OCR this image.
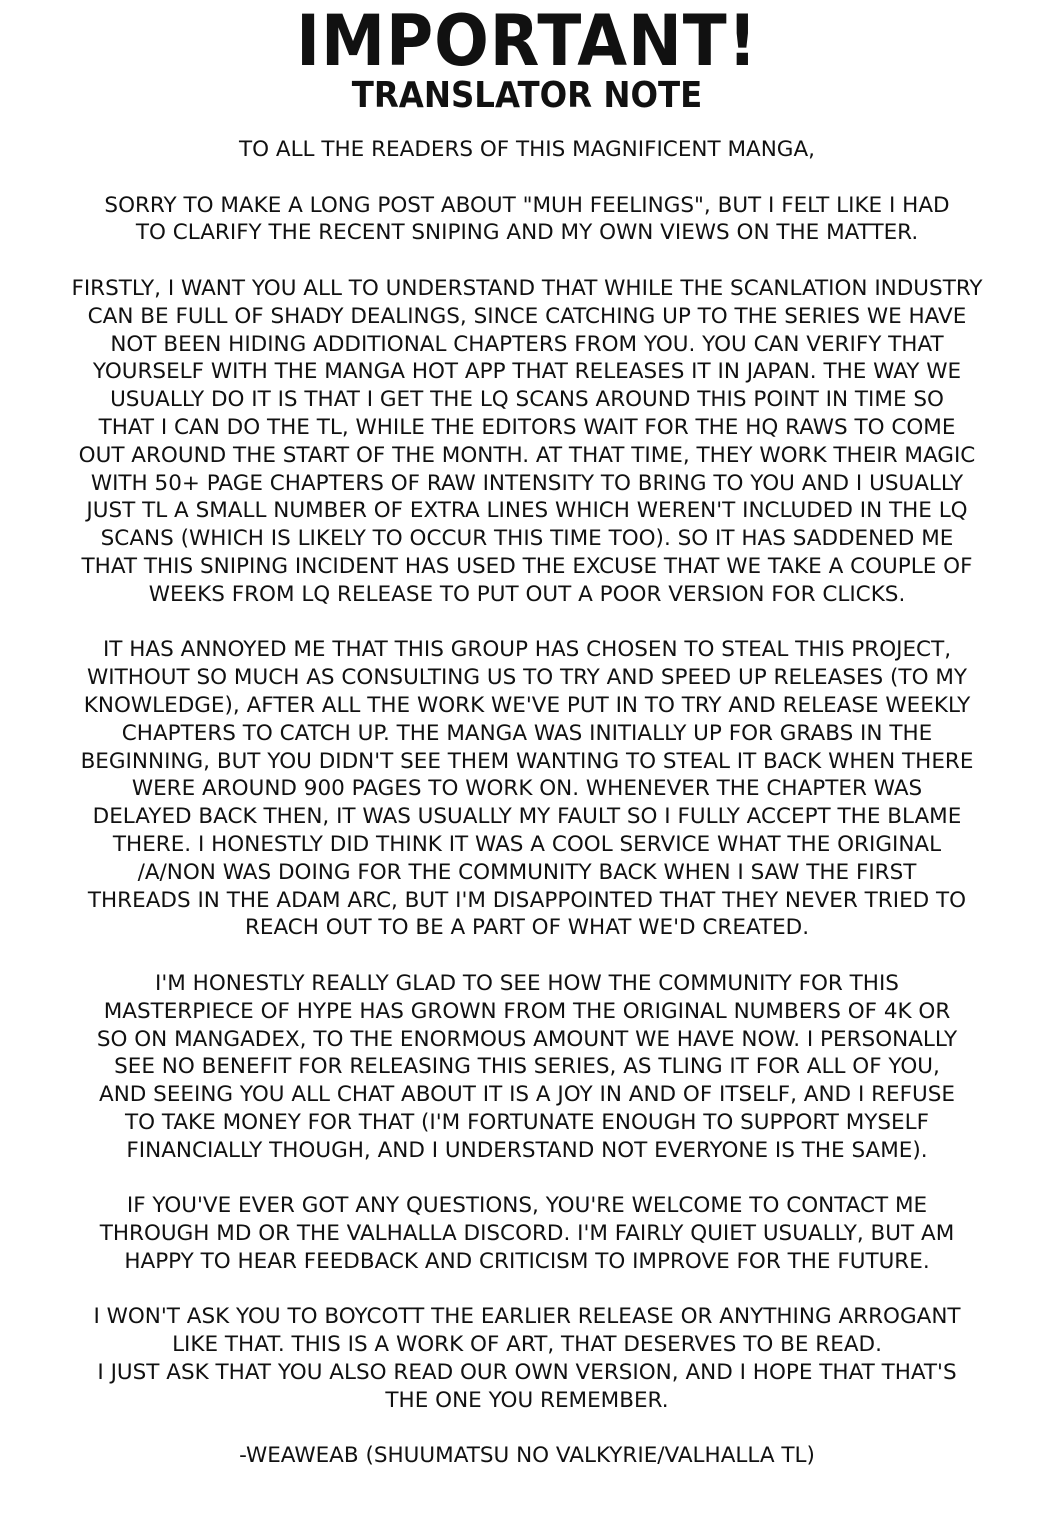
IMPORTANT!
TRANSLATOR NOTE

TO ALL THE READERS OF THIS MAGNIFICENT MANGA,

SORRY TO MAKE A LONG POST ABOUT "MUH FEELINGS", BUT I FELT LIKE I HAD
TO CLARIFY THE RECENT SNIPING AND MY OWN VIEWS ON THE MATTER.

FIRSTLY, I WANT YOU ALL TO UNDERSTAND THAT WHILE THE SCANLATION INDUSTRY
CAN BE FULL OF SHADY DEALINGS, SINCE CATCHING UP TO THE SERIES WE HAVE
NOT BEEN HIDING ADDITIONAL CHAPTERS FROM YOU. YOU CAN VERIFY THAT
YOURSELF WITH THE MANGA HOT APP THAT RELEASES IT IN JAPAN. THE WAY WE
USUALLY DO IT IS THAT I GET THE LQ SCANS AROUND THIS POINT IN TIME SO
THAT I CAN DO THE TL, WHILE THE EDITORS WAIT FOR THE HQ RAWS TO COME
OUT AROUND THE START OF THE MONTH. AT THAT TIME, THEY WORK THEIR MAGIC
WITH 50+ PAGE CHAPTERS OF RAW INTENSITY TO BRING TO YOU AND I USUALLY
JUST TL A SMALL NUMBER OF EXTRA LINES WHICH WEREN'T INCLUDED IN THE LQ
SCANS (WHICH IS LIKELY TO OCCUR THIS TIME TOO). SO IT HAS SADDENED ME
THAT THIS SNIPING INCIDENT HAS USED THE EXCUSE THAT WE TAKE A COUPLE OF
WEEKS FROM LQ RELEASE TO PUT OUT A POOR VERSION FOR CLICKS.

IT HAS ANNOYED ME THAT THIS GROUP HAS CHOSEN TO STEAL THIS PROJECT,
WITHOUT SO MUCH AS CONSULTING US TO TRY AND SPEED UP RELEASES (TO MY
KNOWLEDGE), AFTER ALL THE WORK WE'VE PUT IN TO TRY AND RELEASE WEEKLY
CHAPTERS TO CATCH UP. THE MANGA WAS INITIALLY UP FOR GRABS IN THE
BEGINNING, BUT YOU DIDN'T SEE THEM WANTING TO STEAL IT BACK WHEN THERE
WERE AROUND 900 PAGES TO WORK ON. WHENEVER THE CHAPTER WAS
DELAYED BACK THEN, IT WAS USUALLY MY FAULT SO I FULLY ACCEPT THE BLAME
THERE. I HONESTLY DID THINK IT WAS A COOL SERVICE WHAT THE ORIGINAL
/A/NON WAS DOING FOR THE COMMUNITY BACK WHEN I SAW THE FIRST
THREADS IN THE ADAM ARC, BUT I'M DISAPPOINTED THAT THEY NEVER TRIED TO
REACH OUT TO BE A PART OF WHAT WE'D CREATED.

I'M HONESTLY REALLY GLAD TO SEE HOW THE COMMUNITY FOR THIS
MASTERPIECE OF HYPE HAS GROWN FROM THE ORIGINAL NUMBERS OF 4K OR
SO ON MANGADEX, TO THE ENORMOUS AMOUNT WE HAVE NOW. I PERSONALLY
SEE NO BENEFIT FOR RELEASING THIS SERIES, AS TLING IT FOR ALL OF YOU,
AND SEEING YOU ALL CHAT ABOUT IT IS A JOY IN AND OF ITSELF, AND I REFUSE
TO TAKE MONEY FOR THAT (I'M FORTUNATE ENOUGH TO SUPPORT MYSELF
FINANCIALLY THOUGH, AND I UNDERSTAND NOT EVERYONE IS THE SAME).

IF YOU'VE EVER GOT ANY QUESTIONS, YOU'RE WELCOME TO CONTACT ME
THROUGH MD OR THE VALHALLA DISCORD. I'M FAIRLY QUIET USUALLY, BUT AM
HAPPY TO HEAR FEEDBACK AND CRITICISM TO IMPROVE FOR THE FUTURE.

I WON'T ASK YOU TO BOYCOTT THE EARLIER RELEASE OR ANYTHING ARROGANT
LIKE THAT. THIS IS A WORK OF ART, THAT DESERVES TO BE READ.
I JUST ASK THAT YOU ALSO READ OUR OWN VERSION, AND I HOPE THAT THAT'S
THE ONE YOU REMEMBER.

-WEAWEAB (SHUUMATSU NO VALKYRIE/VALHALLA TL)
